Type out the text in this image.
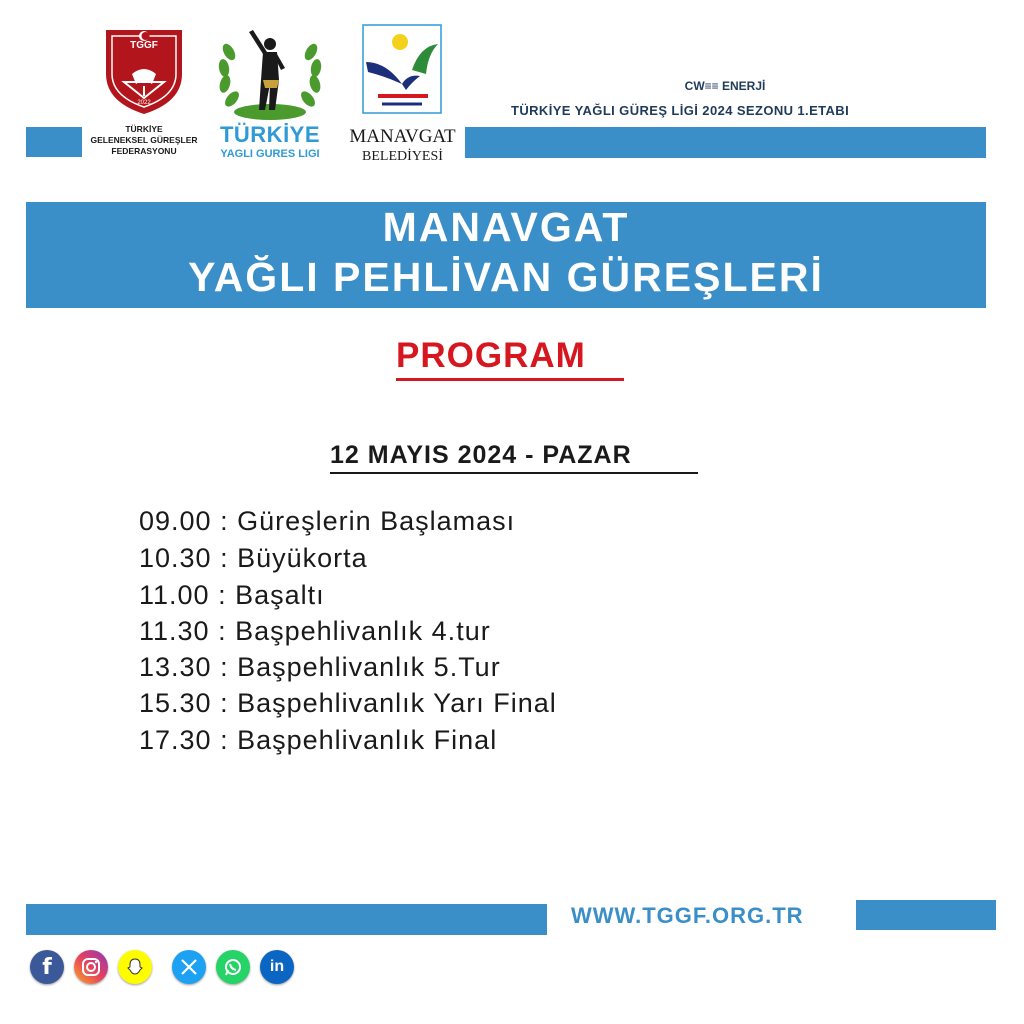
TGGF
2022
TÜRKİYE
GELENEKSEL GÜREŞLER
FEDERASYONU
TÜRKİYE
YAGLI GURES LIGI
MANAVGAT
BELEDİYESİ
CW≡≡ ENERJİ
TÜRKİYE YAĞLI GÜREŞ LİGİ 2024 SEZONU 1.ETABI
MANAVGAT
YAĞLI PEHLİVAN GÜREŞLERİ
PROGRAM
12 MAYIS 2024 - PAZAR
09.00 : Güreşlerin Başlaması
10.30 : Büyükorta
11.00 : Başaltı
11.30 : Başpehlivanlık 4.tur
13.30 : Başpehlivanlık 5.Tur
15.30 : Başpehlivanlık Yarı Final
17.30 : Başpehlivanlık Final
WWW.TGGF.ORG.TR
f	in
